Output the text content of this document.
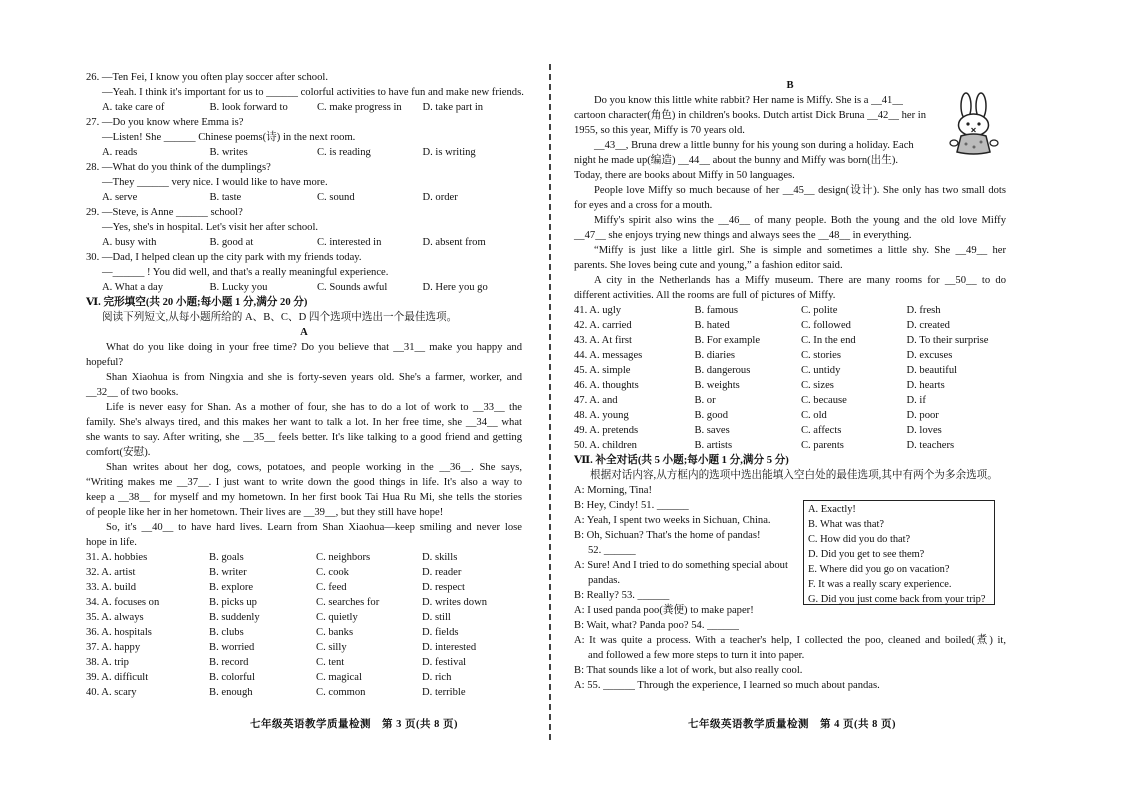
26. —Ten Fei, I know you often play soccer after school.
—Yeah. I think it's important for us to ______ colorful activities to have fun and make new friends.
A. take care of	B. look forward to	C. make progress in	D. take part in
27. —Do you know where Emma is?
—Listen! She ______ Chinese poems(诗) in the next room.
A. reads	B. writes	C. is reading	D. is writing
28. —What do you think of the dumplings?
—They ______ very nice. I would like to have more.
A. serve	B. taste	C. sound	D. order
29. —Steve, is Anne ______ school?
—Yes, she's in hospital. Let's visit her after school.
A. busy with	B. good at	C. interested in	D. absent from
30. —Dad, I helped clean up the city park with my friends today.
—______ ! You did well, and that's a really meaningful experience.
A. What a day	B. Lucky you	C. Sounds awful	D. Here you go
Ⅵ. 完形填空(共 20 小题;每小题 1 分,满分 20 分)
阅读下列短文,从每小题所给的 A、B、C、D 四个选项中选出一个最佳选项。
A
What do you like doing in your free time? Do you believe that __31__ make you happy and
hopeful?
Shan Xiaohua is from Ningxia and she is forty-seven years old. She's a farmer, worker, and
__32__ of two books.
Life is never easy for Shan. As a mother of four, she has to do a lot of work to __33__ the
family. She's always tired, and this makes her want to talk a lot. In her free time, she __34__ what
she wants to say. After writing, she __35__ feels better. It's like talking to a good friend and getting
comfort(安慰).
Shan writes about her dog, cows, potatoes, and people working in the __36__. She says,
“Writing makes me __37__. I just want to write down the good things in life. It's also a way to
keep a __38__ for myself and my hometown. In her first book Tai Hua Ru Mi, she tells the stories
of people like her in her hometown. Their lives are __39__, but they still have hope!
So, it's __40__ to have hard lives. Learn from Shan Xiaohua—keep smiling and never lose
hope in life.
31. A. hobbies	B. goals	C. neighbors	D. skills
32. A. artist	B. writer	C. cook	D. reader
33. A. build	B. explore	C. feed	D. respect
34. A. focuses on	B. picks up	C. searches for	D. writes down
35. A. always	B. suddenly	C. quietly	D. still
36. A. hospitals	B. clubs	C. banks	D. fields
37. A. happy	B. worried	C. silly	D. interested
38. A. trip	B. record	C. tent	D. festival
39. A. difficult	B. colorful	C. magical	D. rich
40. A. scary	B. enough	C. common	D. terrible
七年级英语教学质量检测　第 3 页(共 8 页)
B
Do you know this little white rabbit? Her name is Miffy. She is a __41__
cartoon character(角色) in children's books. Dutch artist Dick Bruna __42__ her in
1955, so this year, Miffy is 70 years old.
__43__, Bruna drew a little bunny for his young son during a holiday. Each
night he made up(编造) __44__ about the bunny and Miffy was born(出生).
Today, there are books about Miffy in 50 languages.
People love Miffy so much because of her __45__ design(设计). She only has two small dots
for eyes and a cross for a mouth.
Miffy's spirit also wins the __46__ of many people. Both the young and the old love Miffy
__47__ she enjoys trying new things and always sees the __48__ in everything.
“Miffy is just like a little girl. She is simple and sometimes a little shy. She __49__ her
parents. She loves being cute and young,” a fashion editor said.
A city in the Netherlands has a Miffy museum. There are many rooms for __50__ to do
different activities. All the rooms are full of pictures of Miffy.
41. A. ugly	B. famous	C. polite	D. fresh
42. A. carried	B. hated	C. followed	D. created
43. A. At first	B. For example	C. In the end	D. To their surprise
44. A. messages	B. diaries	C. stories	D. excuses
45. A. simple	B. dangerous	C. untidy	D. beautiful
46. A. thoughts	B. weights	C. sizes	D. hearts
47. A. and	B. or	C. because	D. if
48. A. young	B. good	C. old	D. poor
49. A. pretends	B. saves	C. affects	D. loves
50. A. children	B. artists	C. parents	D. teachers
Ⅶ. 补全对话(共 5 小题;每小题 1 分,满分 5 分)
根据对话内容,从方框内的选项中选出能填入空白处的最佳选项,其中有两个为多余选项。
A: Morning, Tina!
B: Hey, Cindy! 51. ______
A: Yeah, I spent two weeks in Sichuan, China.
B: Oh, Sichuan? That's the home of pandas!
52. ______
A: Sure! And I tried to do something special about
pandas.
B: Really? 53. ______
A: I used panda poo(粪便) to make paper!
B: Wait, what? Panda poo? 54. ______
A: It was quite a process. With a teacher's help, I collected the poo, cleaned and boiled(煮) it,
and followed a few more steps to turn it into paper.
B: That sounds like a lot of work, but also really cool.
A: 55. ______ Through the experience, I learned so much about pandas.
A. Exactly!
B. What was that?
C. How did you do that?
D. Did you get to see them?
E. Where did you go on vacation?
F. It was a really scary experience.
G. Did you just come back from your trip?
七年级英语教学质量检测　第 4 页(共 8 页)
